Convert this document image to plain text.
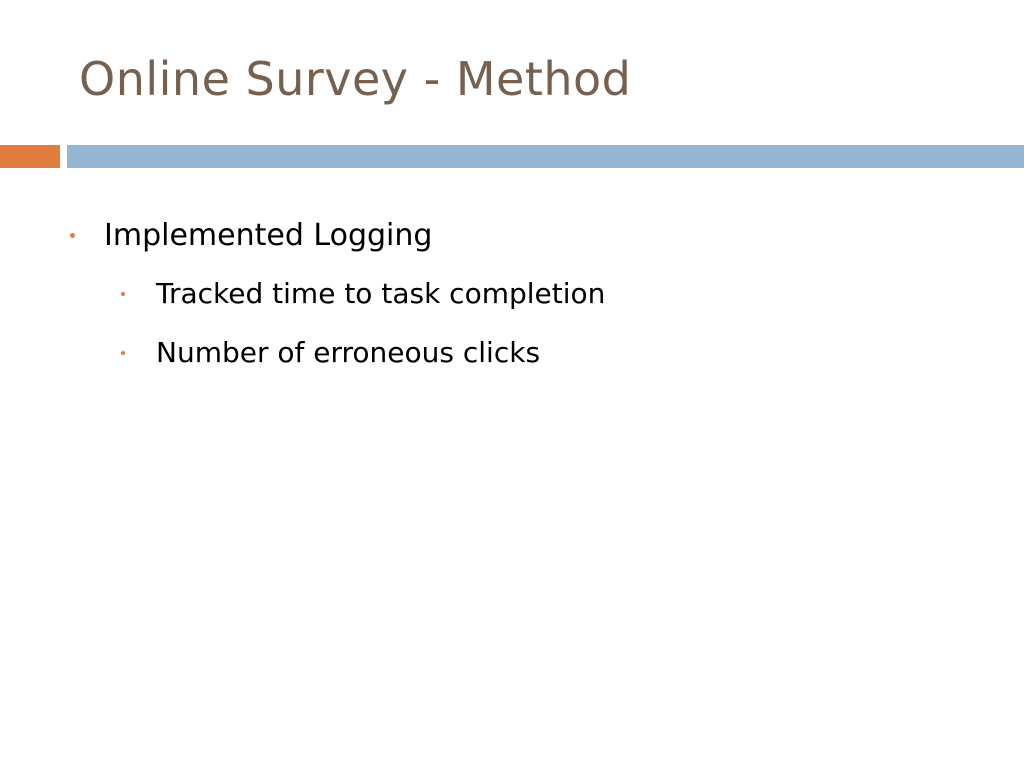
Online Survey - Method
Implemented Logging
Tracked time to task completion
Number of erroneous clicks
